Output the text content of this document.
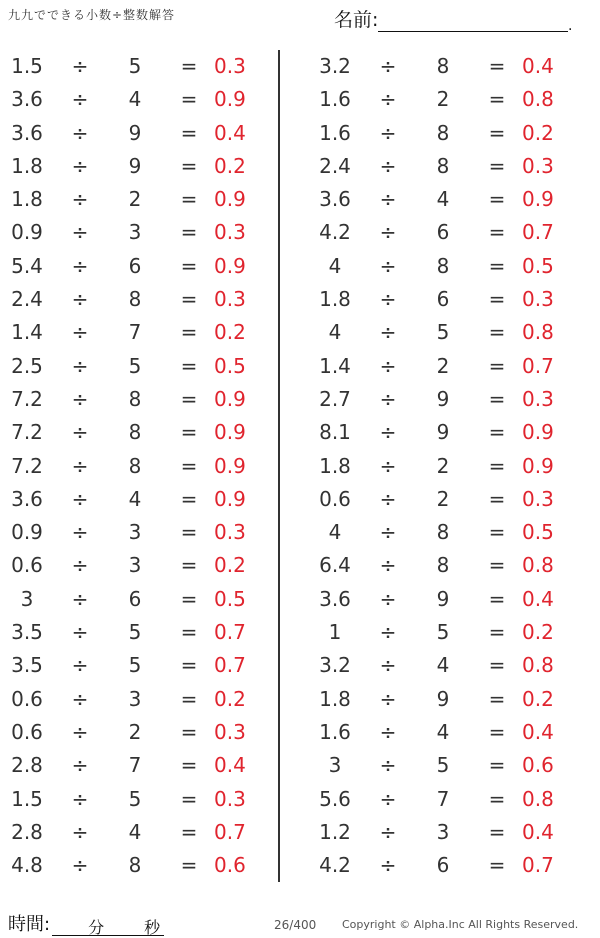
九九でできる小数÷整数解答	名前:	.
1.5	÷	5	= 0.3
3.6	÷	4	= 0.9
3.6	÷	9	= 0.4
1.8	÷	9	= 0.2
1.8	÷	2	= 0.9
0.9	÷	3	= 0.3
5.4	÷	6	= 0.9
2.4	÷	8	= 0.3
1.4	÷	7	= 0.2
2.5	÷	5	= 0.5
7.2	÷	8	= 0.9
7.2	÷	8	= 0.9
7.2	÷	8	= 0.9
3.6	÷	4	= 0.9
0.9	÷	3	= 0.3
0.6	÷	3	= 0.2
3	÷	6	= 0.5
3.5	÷	5	= 0.7
3.5	÷	5	= 0.7
0.6	÷	3	= 0.2
0.6	÷	2	= 0.3
2.8	÷	7	= 0.4
1.5	÷	5	= 0.3
2.8	÷	4	= 0.7
4.8	÷	8	= 0.6
3.2	÷	8	= 0.4
1.6	÷	2	= 0.8
1.6	÷	8	= 0.2
2.4	÷	8	= 0.3
3.6	÷	4	= 0.9
4.2	÷	6	= 0.7
4	÷	8	= 0.5
1.8	÷	6	= 0.3
4	÷	5	= 0.8
1.4	÷	2	= 0.7
2.7	÷	9	= 0.3
8.1	÷	9	= 0.9
1.8	÷	2	= 0.9
0.6	÷	2	= 0.3
4	÷	8	= 0.5
6.4	÷	8	= 0.8
3.6	÷	9	= 0.4
1	÷	5	= 0.2
3.2	÷	4	= 0.8
1.8	÷	9	= 0.2
1.6	÷	4	= 0.4
3	÷	5	= 0.6
5.6	÷	7	= 0.8
1.2	÷	3	= 0.4
4.2	÷	6	= 0.7
時間: 分 秒	26/400 Copyright © Alpha.Inc All Rights Reserved.
